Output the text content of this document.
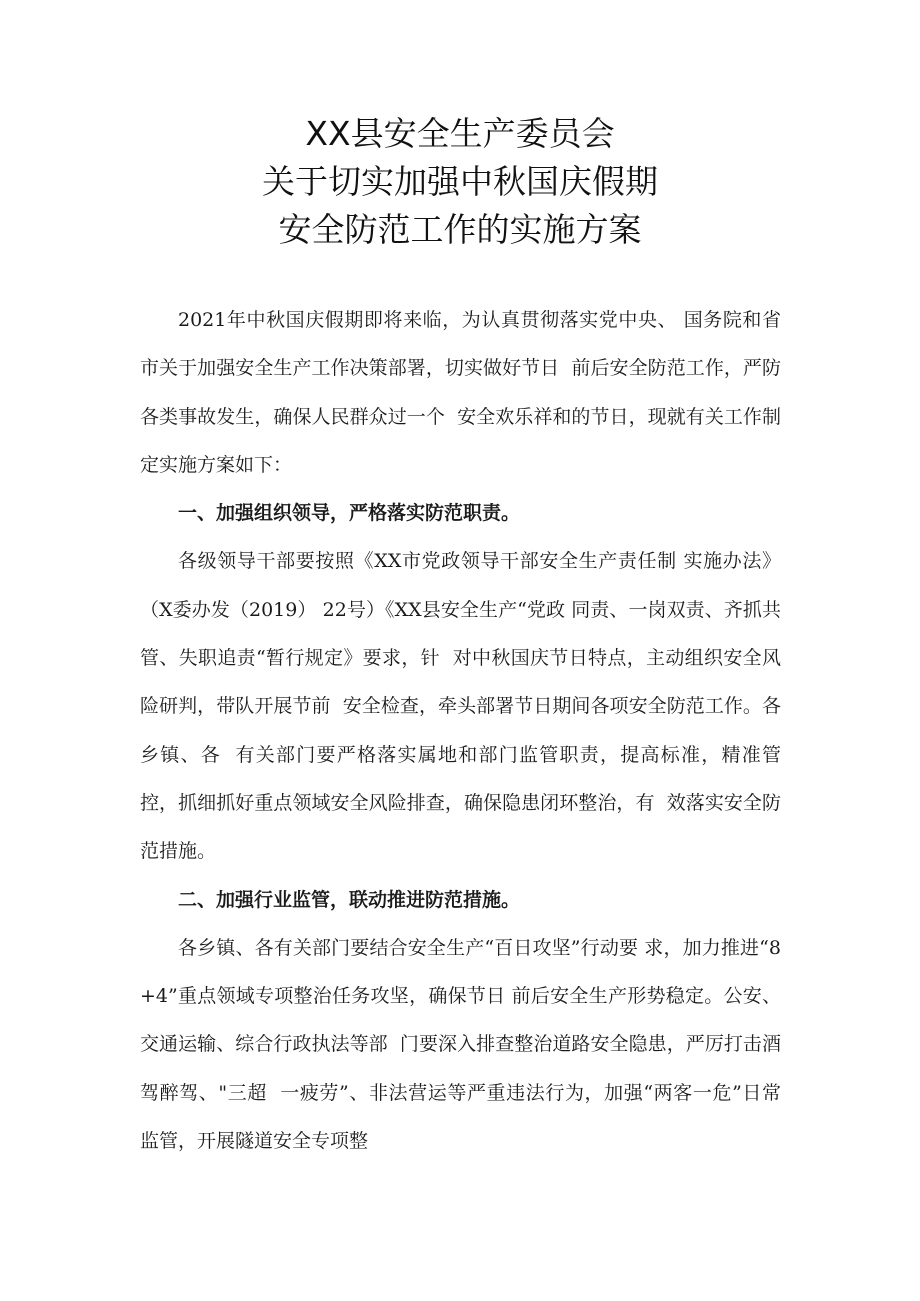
XX县安全生产委员会
关于切实加强中秋国庆假期
安全防范工作的实施方案

2021年中秋国庆假期即将来临，为认真贯彻落实党中央、 国务院和省市关于加强安全生产工作决策部署，切实做好节日  前后安全防范工作，严防各类事故发生，确保人民群众过一个  安全欢乐祥和的节日，现就有关工作制定实施方案如下：

一、加强组织领导，严格落实防范职责。

各级领导干部要按照《XX市党政领导干部安全生产责任制 实施办法》（X委办发（2019） 22号）《XX县安全生产“党政 同责、一岗双责、齐抓共管、失职追责“暂行规定》要求，针  对中秋国庆节日特点，主动组织安全风险研判，带队开展节前  安全检查，牵头部署节日期间各项安全防范工作。各乡镇、各  有关部门要严格落实属地和部门监管职责，提高标准，精准管  控，抓细抓好重点领域安全风险排查，确保隐患闭环整治，有  效落实安全防范措施。

二、加强行业监管，联动推进防范措施。

各乡镇、各有关部门要结合安全生产“百日攻坚”行动要 求，加力推进“8+4”重点领域专项整治任务攻坚，确保节日 前后安全生产形势稳定。公安、交通运输、综合行政执法等部  门要深入排查整治道路安全隐患，严厉打击酒驾醉驾、"三超  一疲劳”、非法营运等严重违法行为，加强“两客一危”日常  监管，开展隧道安全专项整
